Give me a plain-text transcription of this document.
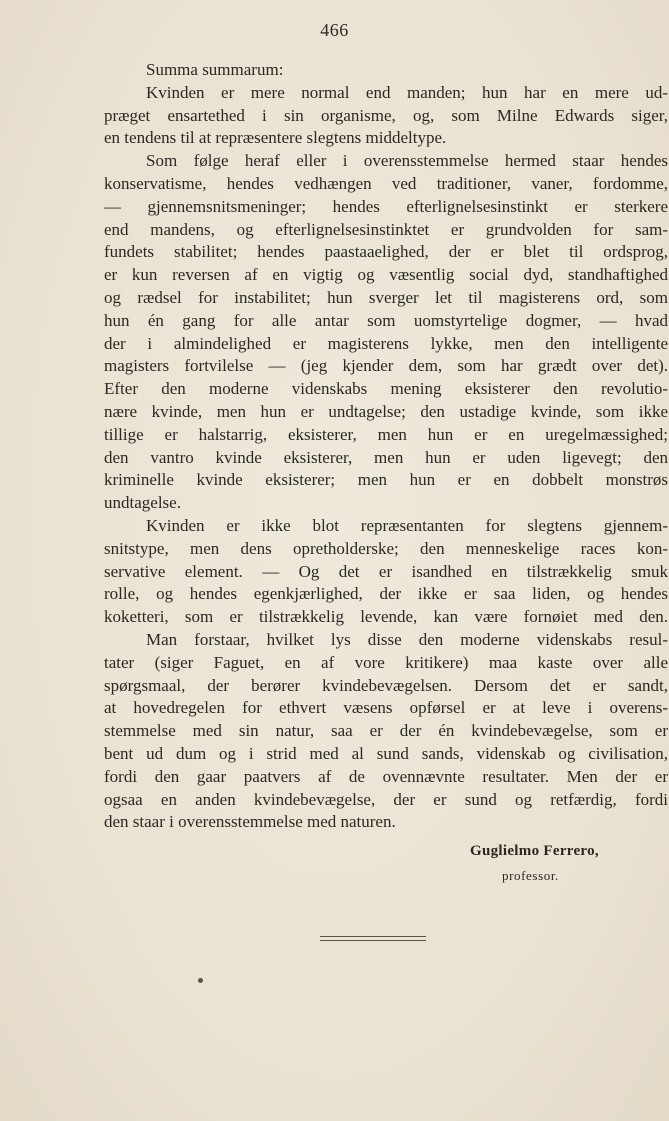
466
Summa summarum:
Kvinden er mere normal end manden; hun har en mere ud-
præget ensartethed i sin organisme, og, som Milne Edwards siger,
en tendens til at repræsentere slegtens middeltype.
Som følge heraf eller i overensstemmelse hermed staar hendes
konservatisme, hendes vedhængen ved traditioner, vaner, fordomme,
— gjennemsnitsmeninger; hendes efterlignelsesinstinkt er sterkere
end mandens, og efterlignelsesinstinktet er grundvolden for sam-
fundets stabilitet; hendes paastaaelighed, der er blet til ordsprog,
er kun reversen af en vigtig og væsentlig social dyd, standhaftighed
og rædsel for instabilitet; hun sverger let til magisterens ord, som
hun én gang for alle antar som uomstyrtelige dogmer, — hvad
der i almindelighed er magisterens lykke, men den intelligente
magisters fortvilelse — (jeg kjender dem, som har grædt over det).
Efter den moderne videnskabs mening eksisterer den revolutio-
nære kvinde, men hun er undtagelse; den ustadige kvinde, som ikke
tillige er halstarrig, eksisterer, men hun er en uregelmæssighed;
den vantro kvinde eksisterer, men hun er uden ligevegt; den
kriminelle kvinde eksisterer; men hun er en dobbelt monstrøs
undtagelse.
Kvinden er ikke blot repræsentanten for slegtens gjennem-
snitstype, men dens opretholderske; den menneskelige races kon-
servative element. — Og det er isandhed en tilstrækkelig smuk
rolle, og hendes egenkjærlighed, der ikke er saa liden, og hendes
koketteri, som er tilstrækkelig levende, kan være fornøiet med den.
Man forstaar, hvilket lys disse den moderne videnskabs resul-
tater (siger Faguet, en af vore kritikere) maa kaste over alle
spørgsmaal, der berører kvindebevægelsen. Dersom det er sandt,
at hovedregelen for ethvert væsens opførsel er at leve i overens-
stemmelse med sin natur, saa er der én kvindebevægelse, som er
bent ud dum og i strid med al sund sands, videnskab og civilisation,
fordi den gaar paatvers af de ovennævnte resultater. Men der er
ogsaa en anden kvindebevægelse, der er sund og retfærdig, fordi
den staar i overensstemmelse med naturen.
Guglielmo Ferrero,
professor.
